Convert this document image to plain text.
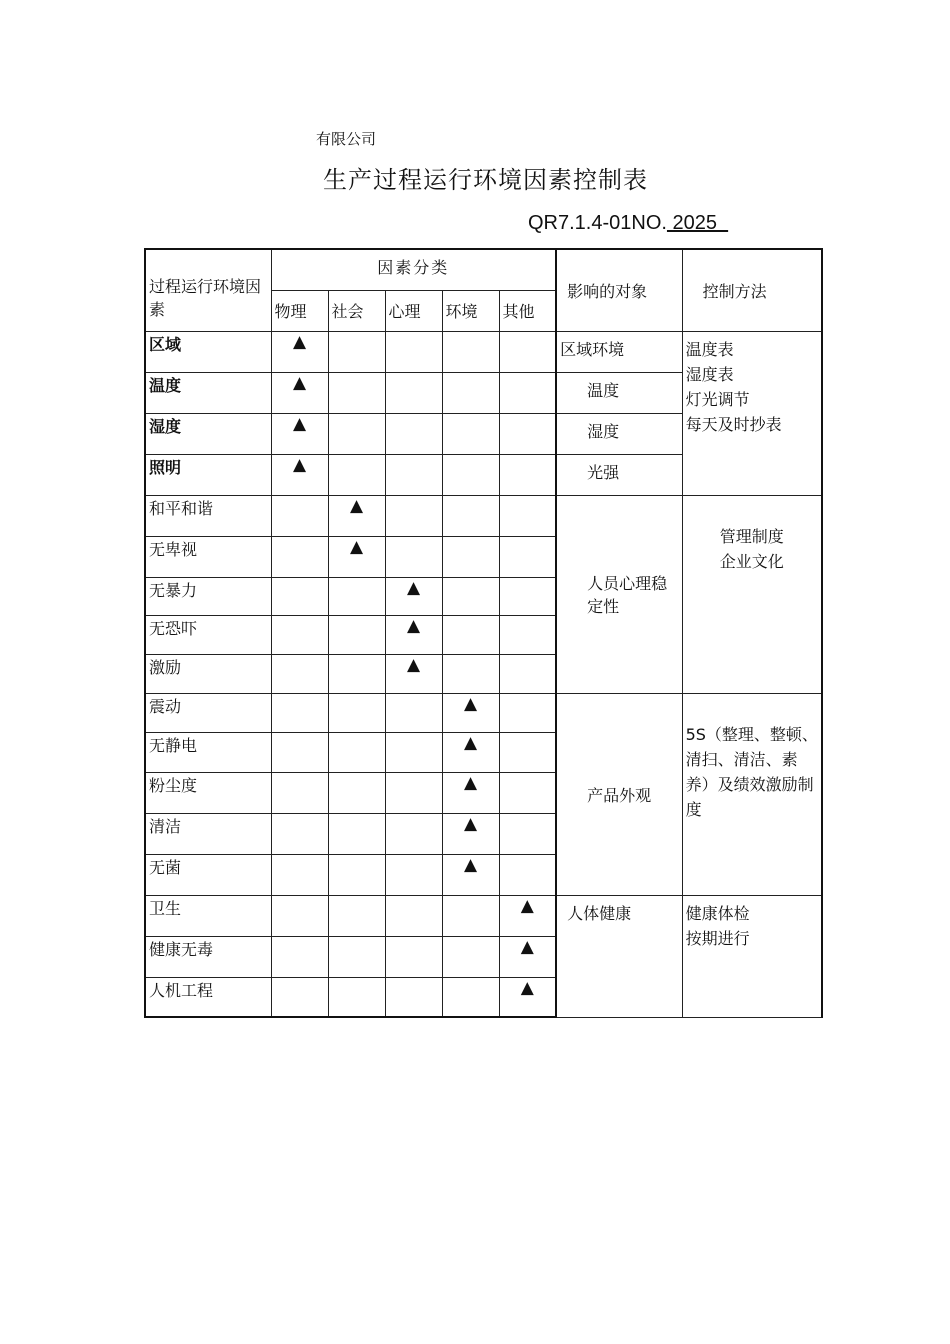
有限公司
生产过程运行环境因素控制表
QR7.1.4-01NO. 2025
过程运行环境因素	因素分类					影响的对象	控制方法
	物理	社会	心理	环境	其他		
区域	▲					区域环境	温度表
湿度表
灯光调节
每天及时抄表

温度	▲					温度	
湿度	▲					湿度	
照明	▲					光强	
和平和谐		▲				人员心理稳定性	管理制度
企业文化

无卑视		▲					
无暴力			▲				
无恐吓			▲				
激励			▲				
震动				▲		产品外观	5S（整理、整顿、清扫、清洁、素养）及绩效激励制度
无静电				▲			
粉尘度				▲			
清洁				▲			
无菌				▲			
卫生					▲	人体健康	健康体检
按期进行

健康无毒					▲		
人机工程					▲		
